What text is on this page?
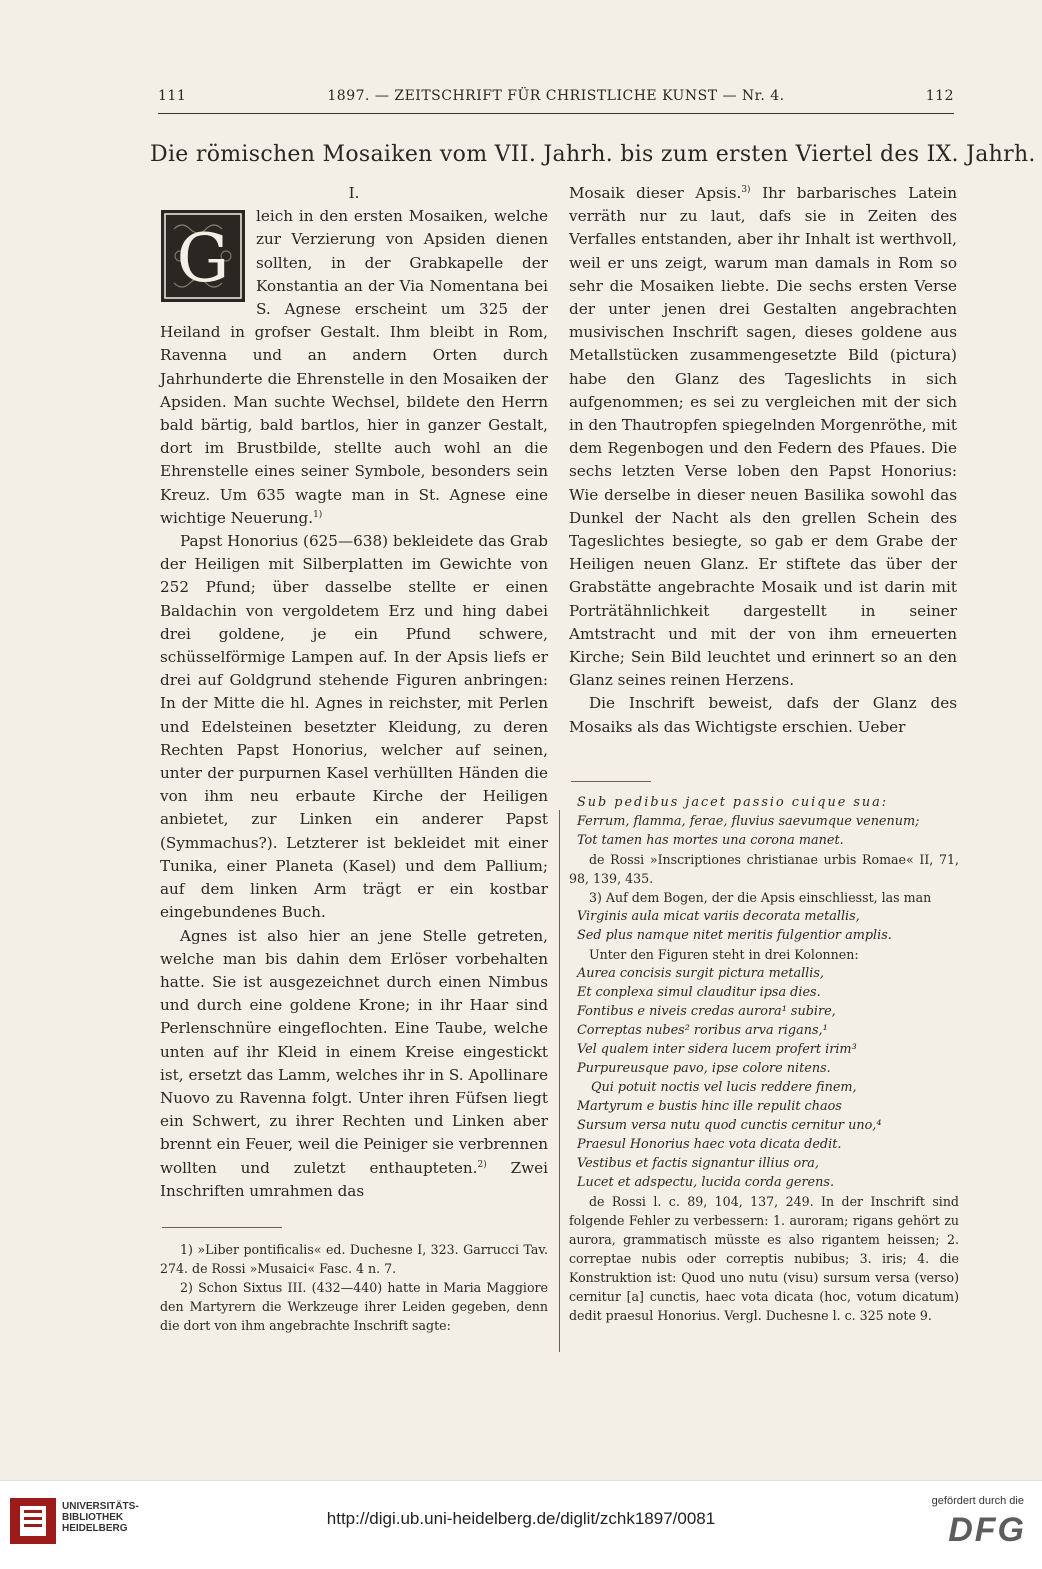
111	1897. — ZEITSCHRIFT FÜR CHRISTLICHE KUNST — Nr. 4.	112
Die römischen Mosaiken vom VII. Jahrh. bis zum ersten Viertel des IX. Jahrh.

I.

G
leich in den ersten Mosaiken, welche zur Verzierung von Apsiden dienen sollten, in der Grabkapelle der Konstantia an der Via Nomentana bei S. Agnese erscheint um 325 der Heiland in grofser Gestalt. Ihm bleibt in Rom, Ravenna und an andern Orten durch Jahrhunderte die Ehrenstelle in den Mosaiken der Apsiden. Man suchte Wechsel, bildete den Herrn bald bärtig, bald bartlos, hier in ganzer Gestalt, dort im Brustbilde, stellte auch wohl an die Ehrenstelle eines seiner Symbole, besonders sein Kreuz. Um 635 wagte man in St. Agnese eine wichtige Neuerung.$^{1)}$

Papst Honorius (625—638) bekleidete das Grab der Heiligen mit Silberplatten im Gewichte von 252 Pfund; über dasselbe stellte er einen Baldachin von vergoldetem Erz und hing dabei drei goldene, je ein Pfund schwere, schüsselförmige Lampen auf. In der Apsis liefs er drei auf Goldgrund stehende Figuren anbringen: In der Mitte die hl. Agnes in reichster, mit Perlen und Edelsteinen besetzter Kleidung, zu deren Rechten Papst Honorius, welcher auf seinen, unter der purpurnen Kasel verhüllten Händen die von ihm neu erbaute Kirche der Heiligen anbietet, zur Linken ein anderer Papst (Symmachus?). Letzterer ist bekleidet mit einer Tunika, einer Planeta (Kasel) und dem Pallium; auf dem linken Arm trägt er ein kostbar eingebundenes Buch.

Agnes ist also hier an jene Stelle getreten, welche man bis dahin dem Erlöser vorbehalten hatte. Sie ist ausgezeichnet durch einen Nimbus und durch eine goldene Krone; in ihr Haar sind Perlenschnüre eingeflochten. Eine Taube, welche unten auf ihr Kleid in einem Kreise eingestickt ist, ersetzt das Lamm, welches ihr in S. Apollinare Nuovo zu Ravenna folgt. Unter ihren Füfsen liegt ein Schwert, zu ihrer Rechten und Linken aber brennt ein Feuer, weil die Peiniger sie verbrennen wollten und zuletzt enthaupteten.$^{2)}$ Zwei Inschriften umrahmen das

1) »Liber pontificalis« ed. Duchesne I, 323. Garrucci Tav. 274. de Rossi »Musaici« Fasc. 4 n. 7.

2) Schon Sixtus III. (432—440) hatte in Maria Maggiore den Martyrern die Werkzeuge ihrer Leiden gegeben, denn die dort von ihm angebrachte Inschrift sagte:

Mosaik dieser Apsis.$^{3)}$ Ihr barbarisches Latein verräth nur zu laut, dafs sie in Zeiten des Verfalles entstanden, aber ihr Inhalt ist werthvoll, weil er uns zeigt, warum man damals in Rom so sehr die Mosaiken liebte. Die sechs ersten Verse der unter jenen drei Gestalten angebrachten musivischen Inschrift sagen, dieses goldene aus Metallstücken zusammengesetzte Bild (pictura) habe den Glanz des Tageslichts in sich aufgenommen; es sei zu vergleichen mit der sich in den Thautropfen spiegelnden Morgenröthe, mit dem Regenbogen und den Federn des Pfaues. Die sechs letzten Verse loben den Papst Honorius: Wie derselbe in dieser neuen Basilika sowohl das Dunkel der Nacht als den grellen Schein des Tageslichtes besiegte, so gab er dem Grabe der Heiligen neuen Glanz. Er stiftete das über der Grabstätte angebrachte Mosaik und ist darin mit Porträtähnlichkeit dargestellt in seiner Amtstracht und mit der von ihm erneuerten Kirche; Sein Bild leuchtet und erinnert so an den Glanz seines reinen Herzens.

Die Inschrift beweist, dafs der Glanz des Mosaiks als das Wichtigste erschien. Ueber

Sub pedibus jacet passio cuique sua:

Ferrum, flamma, ferae, fluvius saevumque venenum;

Tot tamen has mortes una corona manet.

de Rossi »Inscriptiones christianae urbis Romae« II, 71, 98, 139, 435.

3) Auf dem Bogen, der die Apsis einschliesst, las man

Virginis aula micat variis decorata metallis,

Sed plus namque nitet meritis fulgentior amplis.

Unter den Figuren steht in drei Kolonnen:

Aurea concisis surgit pictura metallis,

Et conplexa simul clauditur ipsa dies.

Fontibus e niveis credas aurora¹ subire,

Correptas nubes² roribus arva rigans,¹

Vel qualem inter sidera lucem profert irim³

Purpureusque pavo, ipse colore nitens.

Qui potuit noctis vel lucis reddere finem,

Martyrum e bustis hinc ille repulit chaos

Sursum versa nutu quod cunctis cernitur uno,⁴

Praesul Honorius haec vota dicata dedit.

Vestibus et factis signantur illius ora,

Lucet et adspectu, lucida corda gerens.

de Rossi l. c. 89, 104, 137, 249. In der Inschrift sind folgende Fehler zu verbessern: 1. auroram; rigans gehört zu aurora, grammatisch müsste es also rigantem heissen; 2. correptae nubis oder correptis nubibus; 3. iris; 4. die Konstruktion ist: Quod uno nutu (visu) sursum versa (verso) cernitur [a] cunctis, haec vota dicata (hoc, votum dicatum) dedit praesul Honorius. Vergl. Duchesne l. c. 325 note 9.

UNIVERSITÄTS-
BIBLIOTHEK
HEIDELBERG
http://digi.ub.uni-heidelberg.de/diglit/zchk1897/0081
gefördert durch die
DFG
